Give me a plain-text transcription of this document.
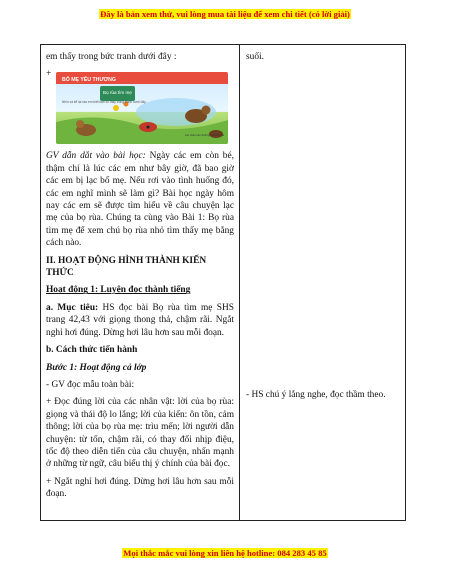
Đây là bản xem thử, vui lòng mua tài liệu để xem chi tiết (có lời giải)

em thấy trong bức tranh dưới đây :

+
BỐ MẸ YÊU THƯƠNG
Bọ rùa tìm mẹ
Nhìn và kể lại các em biết bạn có thấy trong tranh dưới đây.
Lạc nhau trên đường cùng Bọ rùa

GV dẫn dắt vào bài học: Ngày các em còn bé, thậm chí là lúc các em như bây giờ, đã bao giờ các em bị lạc bố mẹ. Nếu rơi vào tình huống đó, các em nghĩ mình sẽ làm gì? Bài học ngày hôm nay các em sẽ được tìm hiểu về câu chuyện lạc mẹ của bọ rùa. Chúng ta cùng vào Bài 1: Bọ rùa tìm mẹ để xem chú bọ rùa nhỏ tìm thấy mẹ bằng cách nào.

II. HOẠT ĐỘNG HÌNH THÀNH KIẾN THỨC

Hoạt động 1: Luyện đọc thành tiếng

a. Mục tiêu: HS đọc bài Bọ rùa tìm mẹ SHS trang 42,43 với giọng thong thả, chậm rãi. Ngắt nghỉ hơi đúng. Dừng hơi lâu hơn sau mỗi đoạn.

b. Cách thức tiến hành

Bước 1: Hoạt động cả lớp

- GV đọc mẫu toàn bài:

+ Đọc đúng lời của các nhân vật: lời của bọ rùa: giọng và thái độ lo lắng; lời của kiến: ôn tồn, cảm thông; lời của bọ rùa mẹ: trìu mến; lời người dẫn chuyện: từ tốn, chậm rãi, có thay đổi nhịp điệu, tốc độ theo diễn tiến của câu chuyện, nhấn mạnh ở những từ ngữ, câu biểu thị ý chính của bài đọc.

+ Ngắt nghỉ hơi đúng. Dừng hơi lâu hơn sau mỗi đoạn.

suối.

- HS chú ý lắng nghe, đọc thầm theo.

Mọi thắc mắc vui lòng xin liên hệ hotline: 084 283 45 85
